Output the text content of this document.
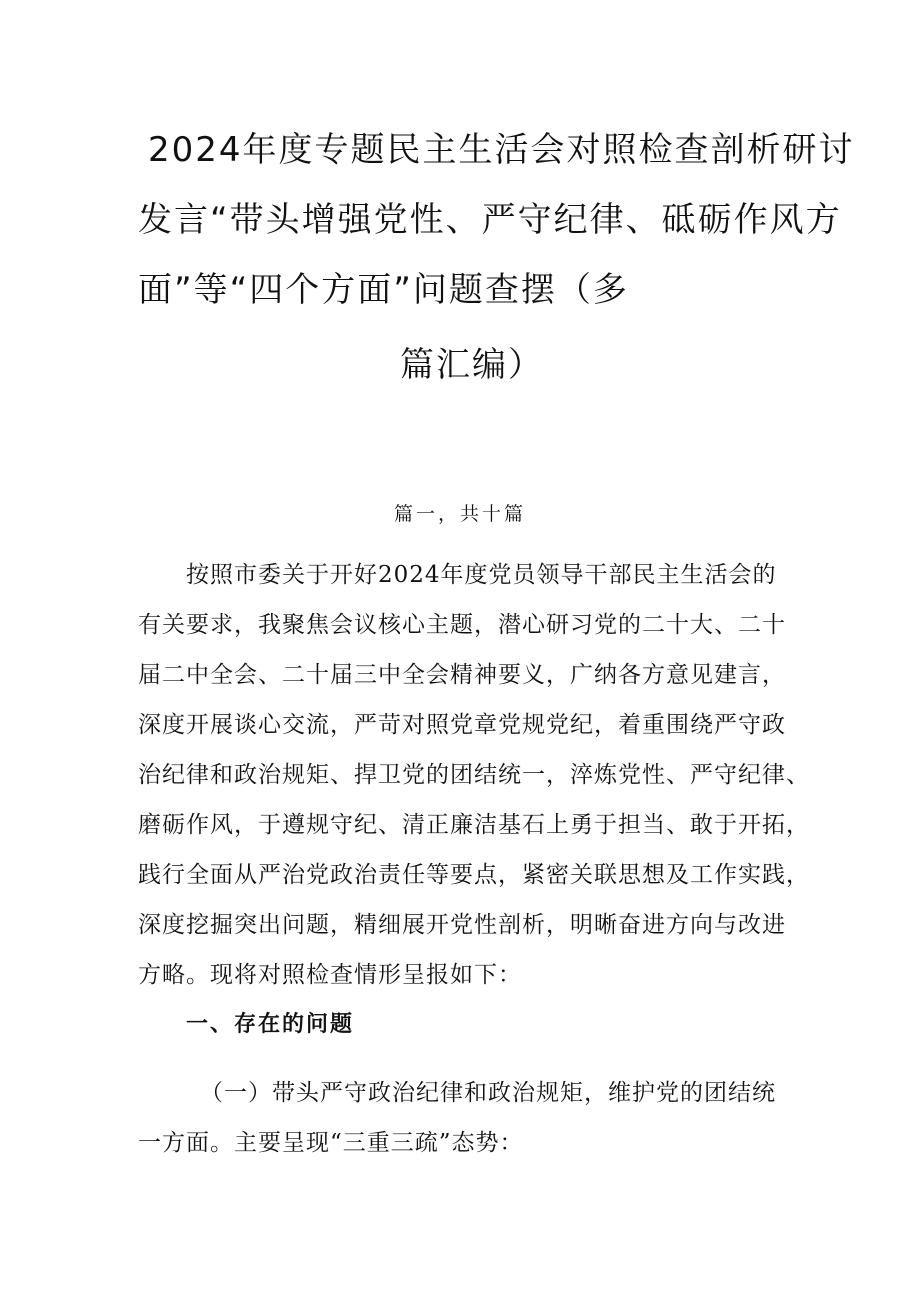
2024年度专题民主生活会对照检查剖析研讨
发言“带头增强党性、严守纪律、砥砺作风方
面”等“四个方面”问题查摆（多
篇汇编）
篇一，共十篇
按照市委关于开好2024年度党员领导干部民主生活会的
有关要求，我聚焦会议核心主题，潜心研习党的二十大、二十
届二中全会、二十届三中全会精神要义，广纳各方意见建言，
深度开展谈心交流，严苛对照党章党规党纪，着重围绕严守政
治纪律和政治规矩、捍卫党的团结统一，淬炼党性、严守纪律、
磨砺作风，于遵规守纪、清正廉洁基石上勇于担当、敢于开拓，
践行全面从严治党政治责任等要点，紧密关联思想及工作实践，
深度挖掘突出问题，精细展开党性剖析，明晰奋进方向与改进
方略。现将对照检查情形呈报如下：
一、存在的问题
（一）带头严守政治纪律和政治规矩，维护党的团结统
一方面。主要呈现“三重三疏”态势：
